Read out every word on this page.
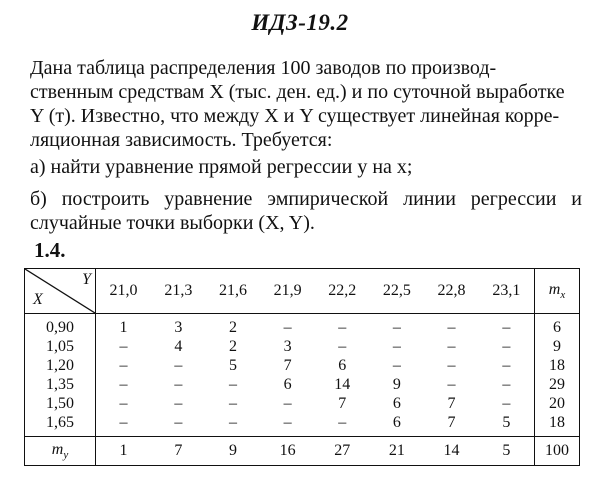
ИДЗ-19.2
Дана таблица распределения 100 заводов по производ-
ственным средствам X (тыс. ден. ед.) и по суточной выработке
Y (т). Известно, что между X и Y существует линейная корре-
ляционная зависимость. Требуется:
а) найти уравнение прямой регрессии y на x;
б) построить уравнение эмпирической линии регрессии и
случайные точки выборки (X, Y).
1.4.
Y
X	21,0	21,3	21,6	21,9	22,2	22,5	22,8	23,1	$m_x$
0,90	1	3	2	–	–	–	–	–	6
1,05	–	4	2	3	–	–	–	–	9
1,20	–	–	5	7	6	–	–	–	18
1,35	–	–	–	6	14	9	–	–	29
1,50	–	–	–	–	7	6	7	–	20
1,65	–	–	–	–	–	6	7	5	18
$m_y$	1	7	9	16	27	21	14	5	100
